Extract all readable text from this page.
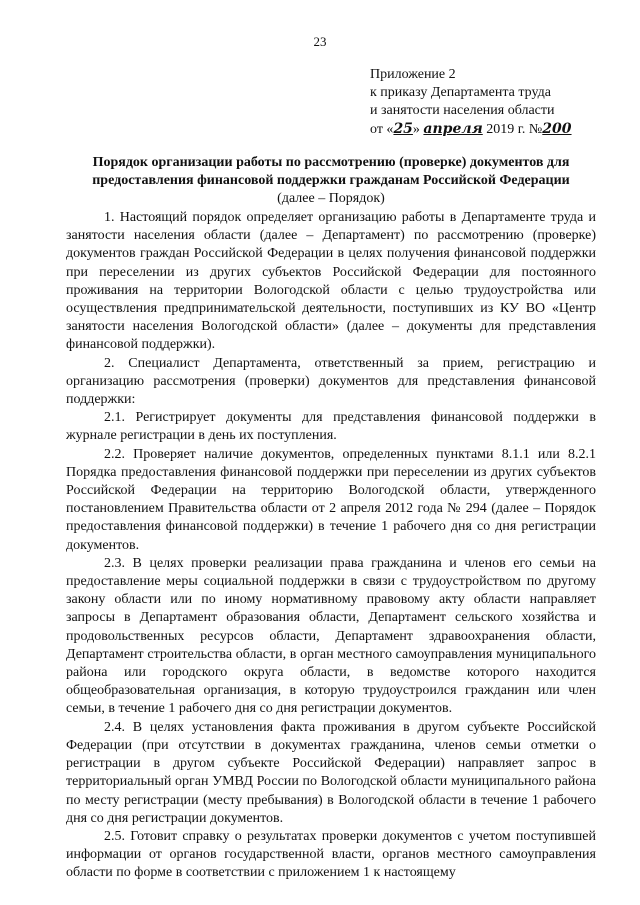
23
Приложение 2
к приказу Департамента труда
и занятости населения области
от «25» апреля 2019 г. №200
Порядок организации работы по рассмотрению (проверке) документов для предоставления финансовой поддержки гражданам Российской Федерации
(далее – Порядок)

1. Настоящий порядок определяет организацию работы в Департаменте труда и занятости населения области (далее – Департамент) по рассмотрению (проверке) документов граждан Российской Федерации в целях получения финансовой поддержки при переселении из других субъектов Российской Федерации для постоянного проживания на территории Вологодской области с целью трудоустройства или осуществления предпринимательской деятельности, поступивших из КУ ВО «Центр занятости населения Вологодской области» (далее – документы для представления финансовой поддержки).

2. Специалист Департамента, ответственный за прием, регистрацию и организацию рассмотрения (проверки) документов для представления финансовой поддержки:

2.1. Регистрирует документы для представления финансовой поддержки в журнале регистрации в день их поступления.

2.2. Проверяет наличие документов, определенных пунктами 8.1.1 или 8.2.1 Порядка предоставления финансовой поддержки при переселении из других субъектов Российской Федерации на территорию Вологодской области, утвержденного постановлением Правительства области от 2 апреля 2012 года № 294 (далее – Порядок предоставления финансовой поддержки) в течение 1 рабочего дня со дня регистрации документов.

2.3. В целях проверки реализации права гражданина и членов его семьи на предоставление меры социальной поддержки в связи с трудоустройством по другому закону области или по иному нормативному правовому акту области направляет запросы в Департамент образования области, Департамент сельского хозяйства и продовольственных ресурсов области, Департамент здравоохранения области, Департамент строительства области, в орган местного самоуправления муниципального района или городского округа области, в ведомстве которого находится общеобразовательная организация, в которую трудоустроился гражданин или член семьи, в течение 1 рабочего дня со дня регистрации документов.

2.4. В целях установления факта проживания в другом субъекте Российской Федерации (при отсутствии в документах гражданина, членов семьи отметки о регистрации в другом субъекте Российской Федерации) направляет запрос в территориальный орган УМВД России по Вологодской области муниципального района по месту регистрации (месту пребывания) в Вологодской области в течение 1 рабочего дня со дня регистрации документов.

2.5. Готовит справку о результатах проверки документов с учетом поступившей информации от органов государственной власти, органов местного самоуправления области по форме в соответствии с приложением 1 к настоящему
